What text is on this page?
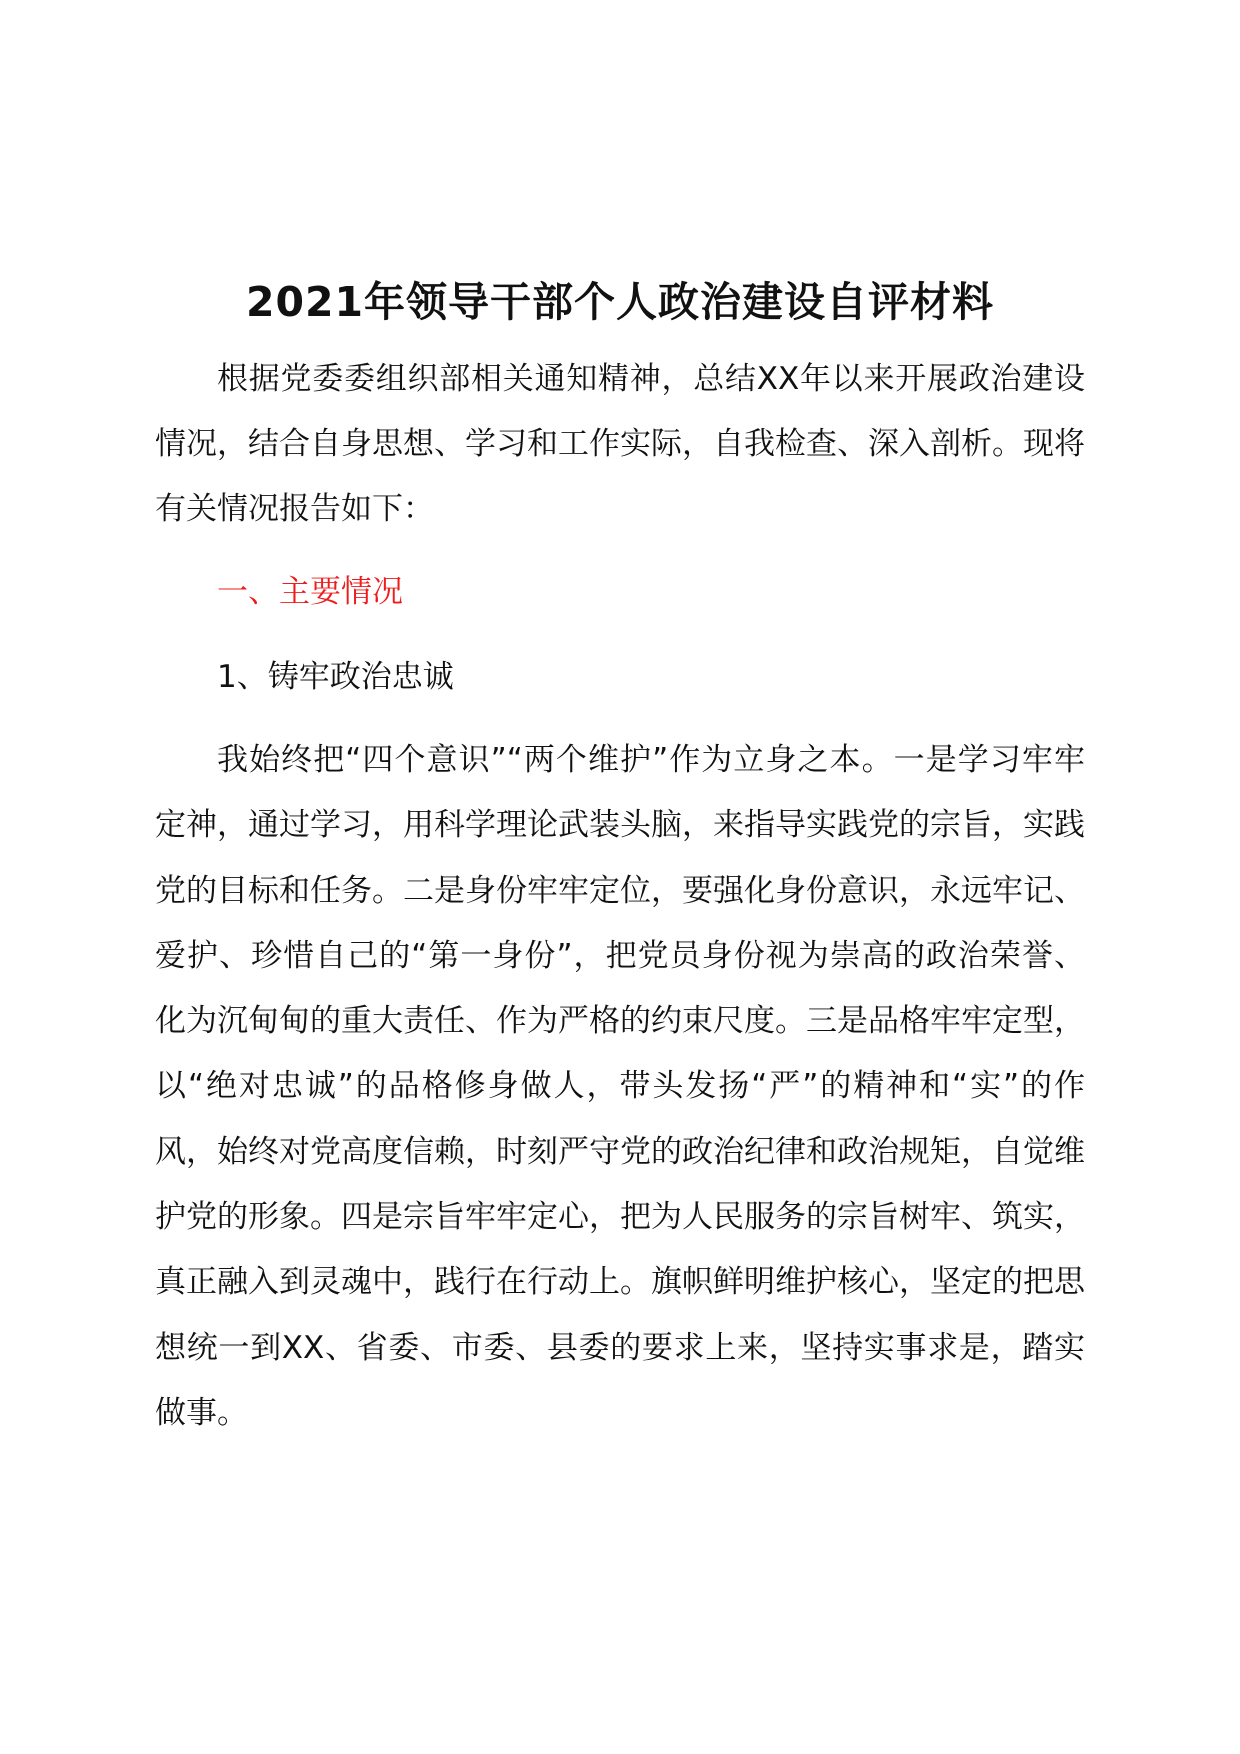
2021年领导干部个人政治建设自评材料

根据党委委组织部相关通知精神，总结XX年以来开展政治建设情况，结合自身思想、学习和工作实际，自我检查、深入剖析。现将有关情况报告如下：

一、主要情况

1、铸牢政治忠诚

我始终把“四个意识”“两个维护”作为立身之本。一是学习牢牢定神，通过学习，用科学理论武装头脑，来指导实践党的宗旨，实践党的目标和任务。二是身份牢牢定位，要强化身份意识，永远牢记、爱护、珍惜自己的“第一身份”，把党员身份视为崇高的政治荣誉、化为沉甸甸的重大责任、作为严格的约束尺度。三是品格牢牢定型，以“绝对忠诚”的品格修身做人，带头发扬“严”的精神和“实”的作风，始终对党高度信赖，时刻严守党的政治纪律和政治规矩，自觉维护党的形象。四是宗旨牢牢定心，把为人民服务的宗旨树牢、筑实，真正融入到灵魂中，践行在行动上。旗帜鲜明维护核心，坚定的把思想统一到XX、省委、市委、县委的要求上来，坚持实事求是，踏实做事。
